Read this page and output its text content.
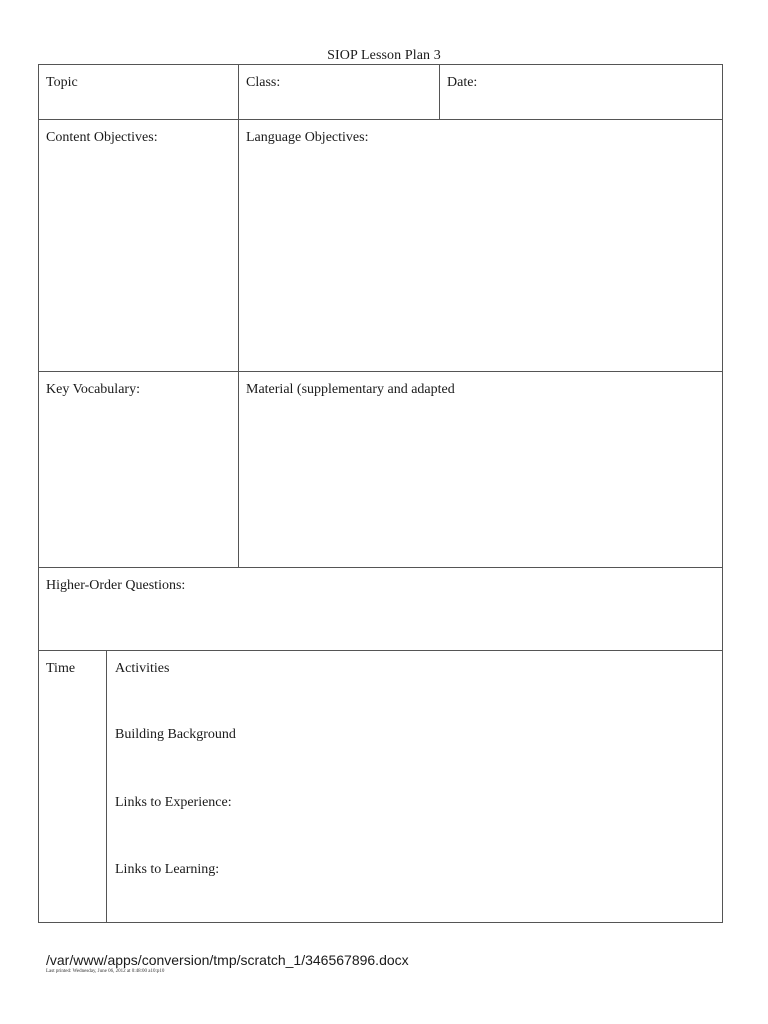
SIOP Lesson Plan 3
Topic	Class:	Date:
Content Objectives:	Language Objectives:
Key Vocabulary:	Material (supplementary and adapted
Higher-Order Questions:
Time	Activities
Building Background
Links to Experience:
Links to Learning:
/var/www/apps/conversion/tmp/scratch_1/346567896.docx
Last printed: Wednesday, June 06, 2012 at 0:48:00 a10:p10
